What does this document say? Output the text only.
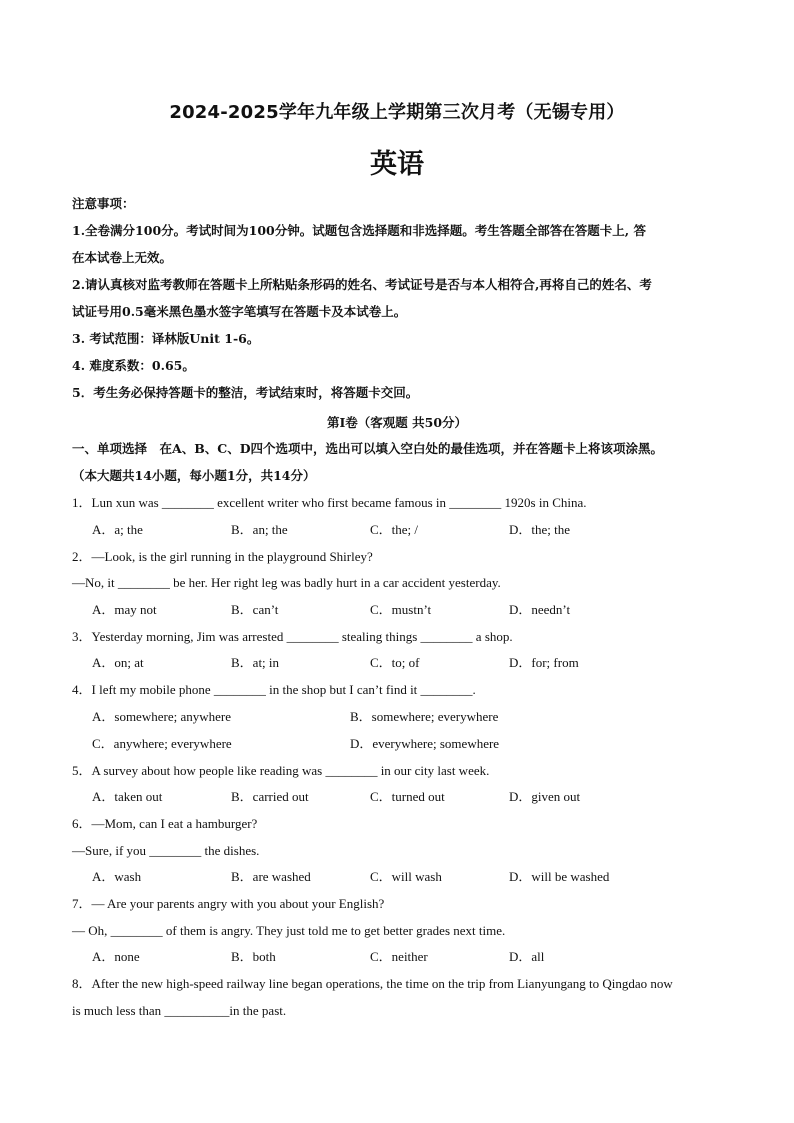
2024-2025学年九年级上学期第三次月考（无锡专用）
英语
注意事项：
1.全卷满分100分。考试时间为100分钟。试题包含选择题和非选择题。考生答题全部答在答题卡上, 答
在本试卷上无效。
2.请认真核对监考教师在答题卡上所粘贴条形码的姓名、考试证号是否与本人相符合,再将自己的姓名、考
试证号用0.5毫米黑色墨水签字笔填写在答题卡及本试卷上。
3. 考试范围：译林版Unit 1-6。
4. 难度系数：0.65。
5．考生务必保持答题卡的整洁，考试结束时，将答题卡交回。
第I卷（客观题 共50分）
一、单项选择　在A、B、C、D四个选项中，选出可以填入空白处的最佳选项，并在答题卡上将该项涂黑。
（本大题共14小题，每小题1分，共14分）
1．Lun xun was ________ excellent writer who first became famous in ________ 1920s in China.
A．a; the	B．an; the	C．the; /	D．the; the
2．—Look, is the girl running in the playground Shirley?
—No, it ________ be her. Her right leg was badly hurt in a car accident yesterday.
A．may not	B．can’t	C．mustn’t	D．needn’t
3．Yesterday morning, Jim was arrested ________ stealing things ________ a shop.
A．on; at	B．at; in	C．to; of	D．for; from
4．I left my mobile phone ________ in the shop but I can’t find it ________.
A．somewhere; anywhere	B．somewhere; everywhere
C．anywhere; everywhere	D．everywhere; somewhere
5．A survey about how people like reading was ________ in our city last week.
A．taken out	B．carried out	C．turned out	D．given out
6．—Mom, can I eat a hamburger?
—Sure, if you ________ the dishes.
A．wash	B．are washed	C．will wash	D．will be washed
7．— Are your parents angry with you about your English?
— Oh, ________ of them is angry. They just told me to get better grades next time.
A．none	B．both	C．neither	D．all
8．After the new high-speed railway line began operations, the time on the trip from Lianyungang to Qingdao now
is much less than __________in the past.
